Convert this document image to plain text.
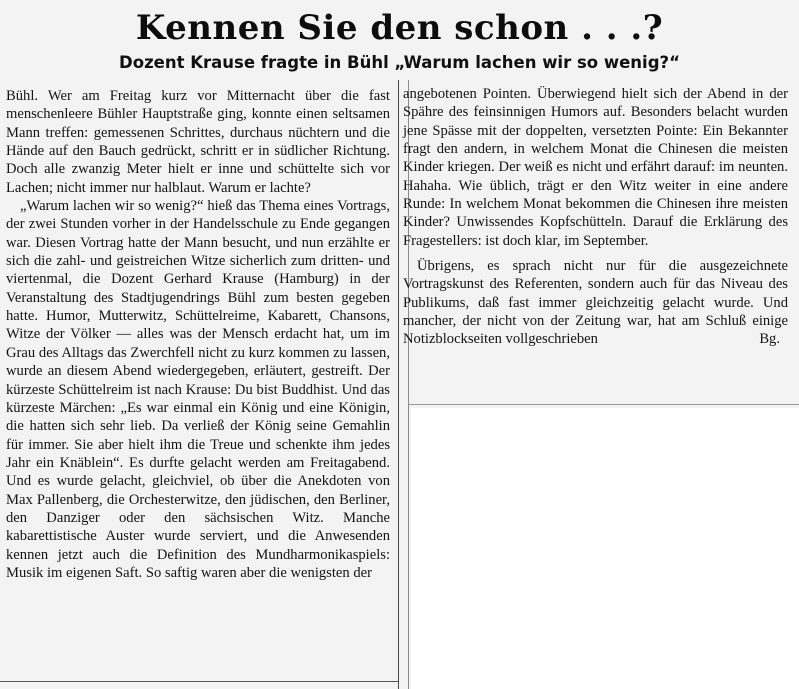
Kennen Sie den schon . . .?
Dozent Krause fragte in Bühl „Warum lachen wir so wenig?“

Bühl. Wer am Freitag kurz vor Mitternacht über die fast menschenleere Bühler Hauptstraße ging, konnte einen seltsamen Mann treffen: gemessenen Schrittes, durchaus nüchtern und die Hände auf den Bauch gedrückt, schritt er in südlicher Richtung. Doch alle zwanzig Meter hielt er inne und schüttelte sich vor Lachen; nicht immer nur halblaut. Warum er lachte?

„Warum lachen wir so wenig?“ hieß das Thema eines Vortrags, der zwei Stunden vorher in der Handelsschule zu Ende gegangen war. Diesen Vortrag hatte der Mann besucht, und nun erzählte er sich die zahl- und geistreichen Witze sicherlich zum dritten- und viertenmal, die Dozent Gerhard Krause (Hamburg) in der Veranstaltung des Stadtjugendrings Bühl zum besten gegeben hatte. Humor, Mutterwitz, Schüttelreime, Kabarett, Chansons, Witze der Völker — alles was der Mensch erdacht hat, um im Grau des Alltags das Zwerchfell nicht zu kurz kommen zu lassen, wurde an diesem Abend wiedergegeben, erläutert, gestreift. Der kürzeste Schüttelreim ist nach Krause: Du bist Buddhist. Und das kürzeste Märchen: „Es war einmal ein König und eine Königin, die hatten sich sehr lieb. Da verließ der König seine Gemahlin für immer. Sie aber hielt ihm die Treue und schenkte ihm jedes Jahr ein Knäblein“. Es durfte gelacht werden am Freitagabend. Und es wurde gelacht, gleichviel, ob über die Anekdoten von Max Pallenberg, die Orchesterwitze, den jüdischen, den Berliner, den Danziger oder den sächsischen Witz. Manche kabarettistische Auster wurde serviert, und die Anwesenden kennen jetzt auch die Definition des Mundharmonikaspiels: Musik im eigenen Saft. So saftig waren aber die wenigsten der

angebotenen Pointen. Überwiegend hielt sich der Abend in der Spähre des feinsinnigen Humors auf. Besonders belacht wurden jene Spässe mit der doppelten, versetzten Pointe: Ein Bekannter fragt den andern, in welchem Monat die Chinesen die meisten Kinder kriegen. Der weiß es nicht und erfährt darauf: im neunten. Hahaha. Wie üblich, trägt er den Witz weiter in eine andere Runde: In welchem Monat bekommen die Chinesen ihre meisten Kinder? Unwissendes Kopfschütteln. Darauf die Erklärung des Fragestellers: ist doch klar, im September.

Übrigens, es sprach nicht nur für die ausgezeichnete Vortragskunst des Referenten, sondern auch für das Niveau des Publikums, daß fast immer gleichzeitig gelacht wurde. Und mancher, der nicht von der Zeitung war, hat am Schluß einige Notizblockseiten vollgeschrieben	Bg.
